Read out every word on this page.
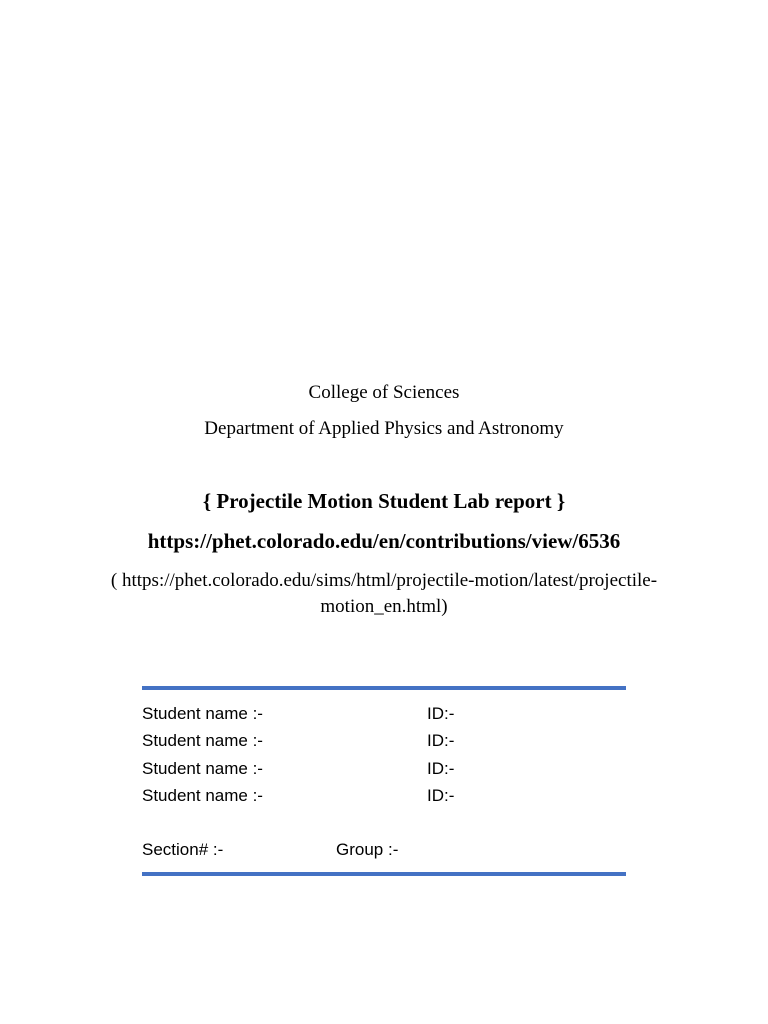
College of Sciences
Department of Applied Physics and Astronomy
{ Projectile Motion Student Lab report }
https://phet.colorado.edu/en/contributions/view/6536
( https://phet.colorado.edu/sims/html/projectile-motion/latest/projectile-motion_en.html)
Student name :-	ID:-
Student name :-	ID:-
Student name :-	ID:-
Student name :-	ID:-
Section# :-	Group :-
